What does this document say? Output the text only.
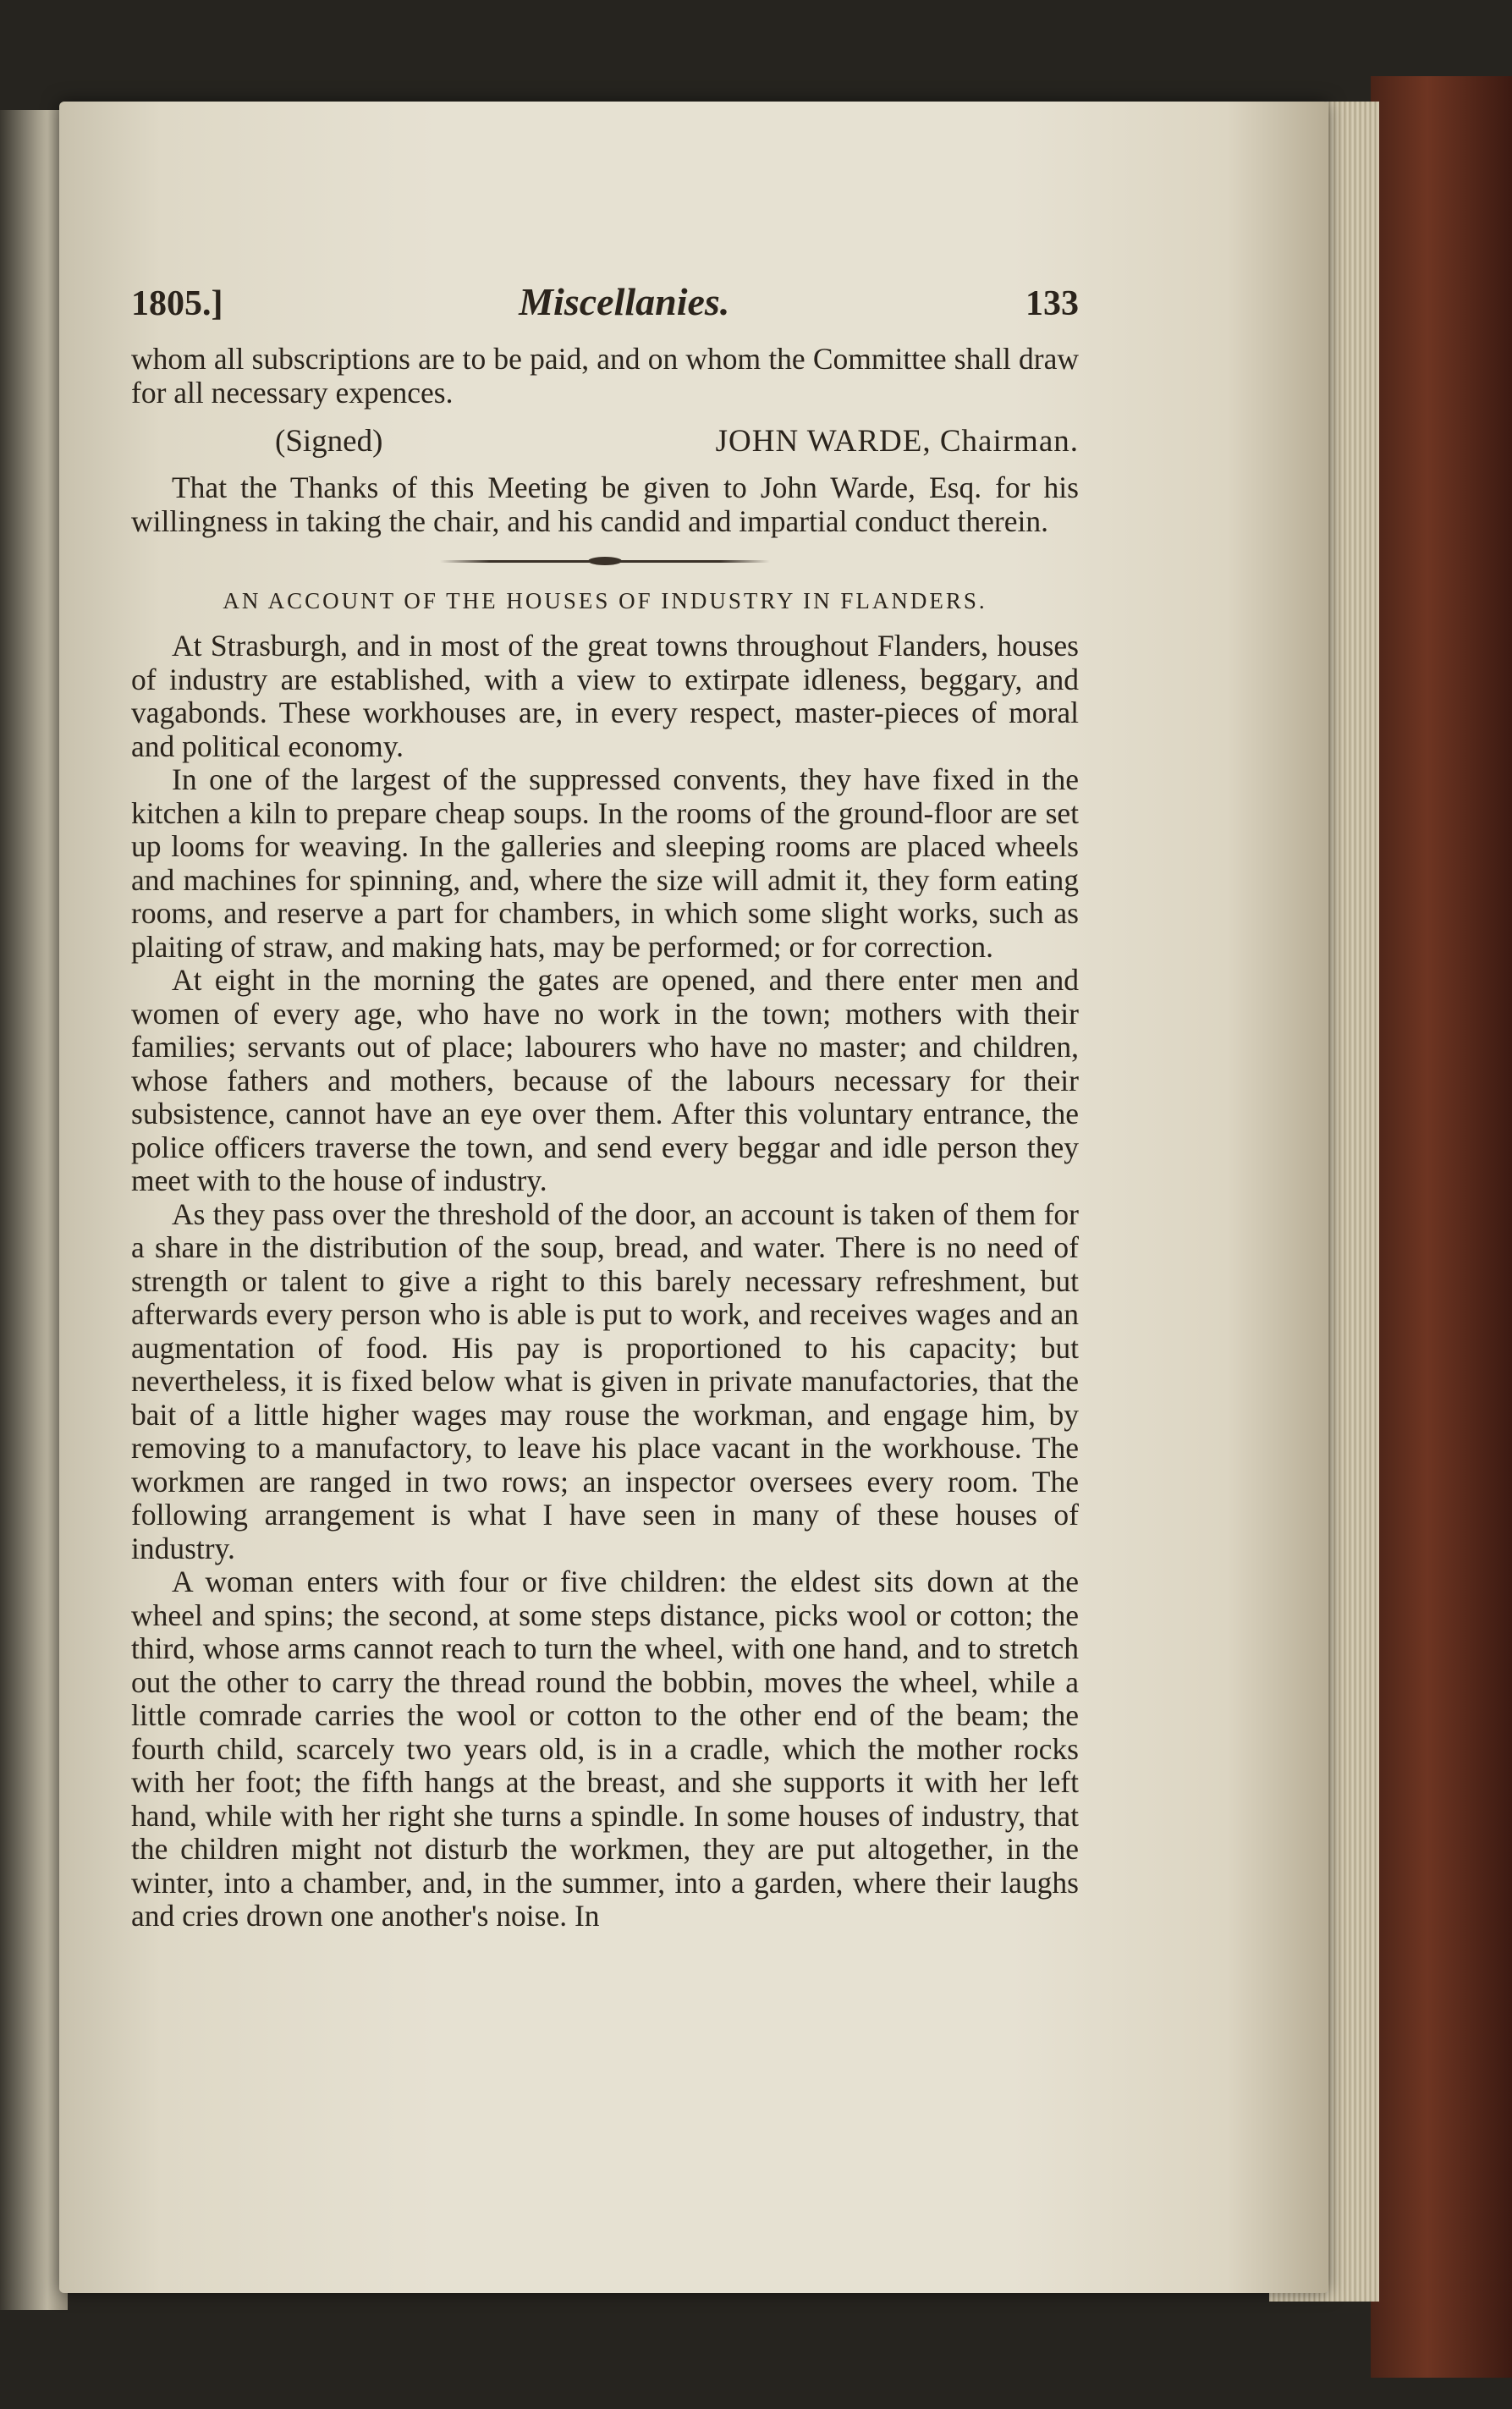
1805.]	Miscellanies.	133

whom all subscriptions are to be paid, and on whom the Committee shall draw for all necessary expences.

(Signed)	JOHN WARDE, Chairman.

That the Thanks of this Meeting be given to John Warde, Esq. for his willingness in taking the chair, and his candid and impartial conduct therein.

AN ACCOUNT OF THE HOUSES OF INDUSTRY IN FLANDERS.

At Strasburgh, and in most of the great towns throughout Flanders, houses of industry are established, with a view to extirpate idleness, beggary, and vagabonds. These workhouses are, in every respect, master-pieces of moral and political economy.

In one of the largest of the suppressed convents, they have fixed in the kitchen a kiln to prepare cheap soups. In the rooms of the ground-floor are set up looms for weaving. In the galleries and sleeping rooms are placed wheels and machines for spinning, and, where the size will admit it, they form eating rooms, and reserve a part for chambers, in which some slight works, such as plaiting of straw, and making hats, may be performed; or for correction.

At eight in the morning the gates are opened, and there enter men and women of every age, who have no work in the town; mothers with their families; servants out of place; labourers who have no master; and children, whose fathers and mothers, because of the labours necessary for their subsistence, cannot have an eye over them. After this voluntary entrance, the police officers traverse the town, and send every beggar and idle person they meet with to the house of industry.

As they pass over the threshold of the door, an account is taken of them for a share in the distribution of the soup, bread, and water. There is no need of strength or talent to give a right to this barely necessary refreshment, but afterwards every person who is able is put to work, and receives wages and an augmentation of food. His pay is proportioned to his capacity; but nevertheless, it is fixed below what is given in private manufactories, that the bait of a little higher wages may rouse the workman, and engage him, by removing to a manufactory, to leave his place vacant in the workhouse. The workmen are ranged in two rows; an inspector oversees every room. The following arrangement is what I have seen in many of these houses of industry.

A woman enters with four or five children: the eldest sits down at the wheel and spins; the second, at some steps distance, picks wool or cotton; the third, whose arms cannot reach to turn the wheel, with one hand, and to stretch out the other to carry the thread round the bobbin, moves the wheel, while a little comrade carries the wool or cotton to the other end of the beam; the fourth child, scarcely two years old, is in a cradle, which the mother rocks with her foot; the fifth hangs at the breast, and she supports it with her left hand, while with her right she turns a spindle. In some houses of industry, that the children might not disturb the workmen, they are put altogether, in the winter, into a chamber, and, in the summer, into a garden, where their laughs and cries drown one another's noise. In
